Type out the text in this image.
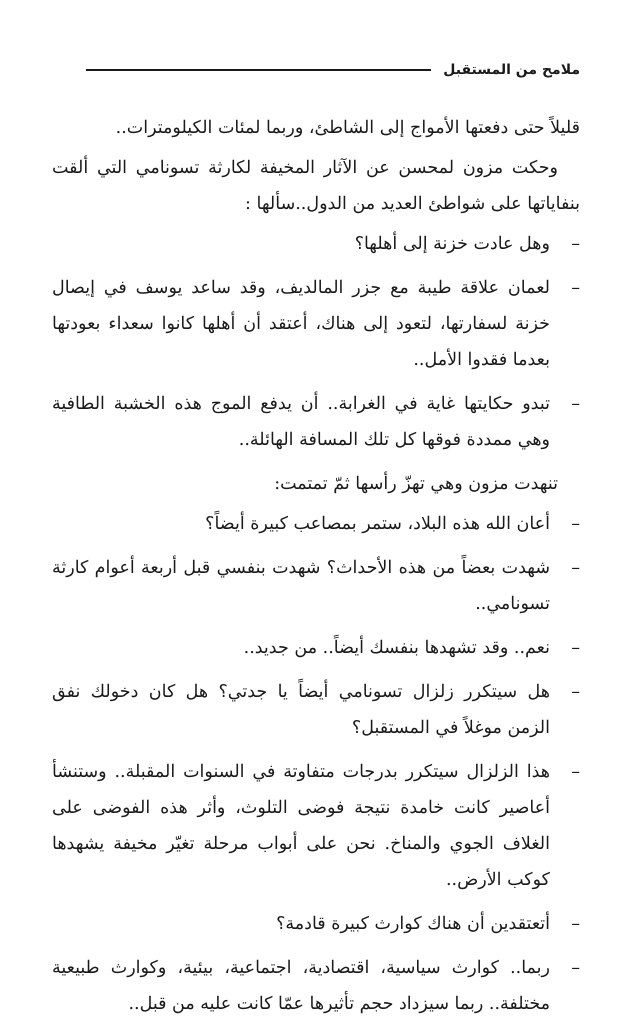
ملامح من المستقبل

قليلاً حتى دفعتها الأمواج إلى الشاطئ، وربما لمئات الكيلومترات..

وحكت مزون لمحسن عن الآثار المخيفة لكارثة تسونامي التي ألقت بنفاياتها على شواطئ العديد من الدول..سألها :

–
وهل عادت خزنة إلى أهلها؟
–
لعمان علاقة طيبة مع جزر المالديف، وقد ساعد يوسف في إيصال خزنة لسفارتها، لتعود إلى هناك، أعتقد أن أهلها كانوا سعداء بعودتها بعدما فقدوا الأمل..
–
تبدو حكايتها غاية في الغرابة.. أن يدفع الموج هذه الخشبة الطافية وهي ممددة فوقها كل تلك المسافة الهائلة..

تنهدت مزون وهي تهزّ رأسها ثمّ تمتمت:

–
أعان الله هذه البلاد، ستمر بمصاعب كبيرة أيضاً؟
–
شهدت بعضاً من هذه الأحداث؟ شهدت بنفسي قبل أربعة أعوام كارثة تسونامي..
–
نعم.. وقد تشهدها بنفسك أيضاً.. من جديد..
–
هل سيتكرر زلزال تسونامي أيضاً يا جدتي؟ هل كان دخولك نفق الزمن موغلاً في المستقبل؟
–
هذا الزلزال سيتكرر بدرجات متفاوتة في السنوات المقبلة.. وستنشأ أعاصير كانت خامدة نتيجة فوضى التلوث، وأثر هذه الفوضى على الغلاف الجوي والمناخ. نحن على أبواب مرحلة تغيّر مخيفة يشهدها كوكب الأرض..
–
أتعتقدين أن هناك كوارث كبيرة قادمة؟
–
ربما.. كوارث سياسية، اقتصادية، اجتماعية، بيئية، وكوارث طبيعية مختلفة.. ربما سيزداد حجم تأثيرها عمّا كانت عليه من قبل..
